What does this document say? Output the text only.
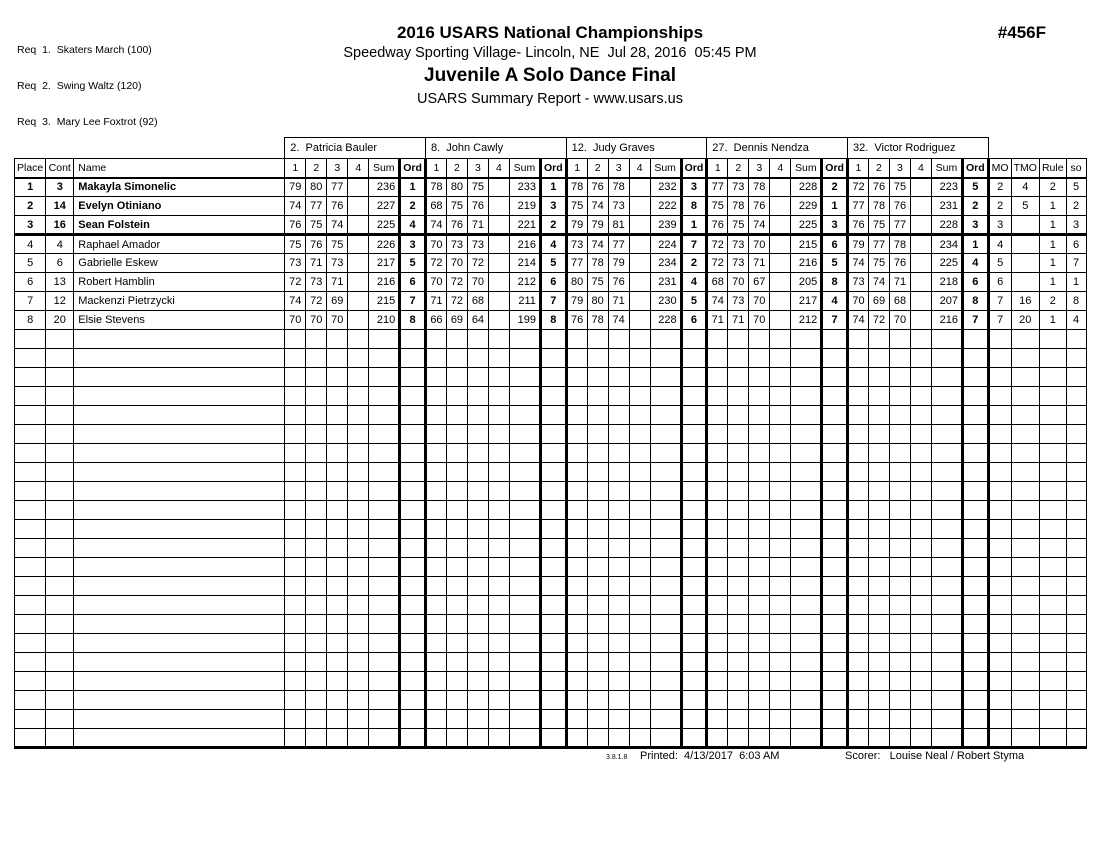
Req  1.  Skaters March (100)

Req  2.  Swing Waltz (120)

Req  3.  Mary Lee Foxtrot (92)

2016 USARS National Championships
Speedway Sporting Village- Lincoln, NE  Jul 28, 2016  05:45 PM
Juvenile A Solo Dance Final
USARS Summary Report - www.usars.us
#456F
			2.  Patricia Bauler						8.  John Cawly						12.  Judy Graves						27.  Dennis Nendza						32.  Victor Rodriguez									
Place	Cont	Name	1	2	3	4	Sum	Ord	1	2	3	4	Sum	Ord	1	2	3	4	Sum	Ord	1	2	3	4	Sum	Ord	1	2	3	4	Sum	Ord	MO	TMO	Rule	so
1	3	Makayla Simonelic	79	80	77		236	1	78	80	75		233	1	78	76	78		232	3	77	73	78		228	2	72	76	75		223	5	2	4	2	5
2	14	Evelyn Otiniano	74	77	76		227	2	68	75	76		219	3	75	74	73		222	8	75	78	76		229	1	77	78	76		231	2	2	5	1	2
3	16	Sean Folstein	76	75	74		225	4	74	76	71		221	2	79	79	81		239	1	76	75	74		225	3	76	75	77		228	3	3		1	3
4	4	Raphael Amador	75	76	75		226	3	70	73	73		216	4	73	74	77		224	7	72	73	70		215	6	79	77	78		234	1	4		1	6
5	6	Gabrielle Eskew	73	71	73		217	5	72	70	72		214	5	77	78	79		234	2	72	73	71		216	5	74	75	76		225	4	5		1	7
6	13	Robert Hamblin	72	73	71		216	6	70	72	70		212	6	80	75	76		231	4	68	70	67		205	8	73	74	71		218	6	6		1	1
7	12	Mackenzi Pietrzycki	74	72	69		215	7	71	72	68		211	7	79	80	71		230	5	74	73	70		217	4	70	69	68		207	8	7	16	2	8
8	20	Elsie Stevens	70	70	70		210	8	66	69	64		199	8	76	78	74		228	6	71	71	70		212	7	74	72	70		216	7	7	20	1	4

3.8.1.8 Printed: 4/13/2017  6:03 AM	Scorer: Louise Neal / Robert Styma
